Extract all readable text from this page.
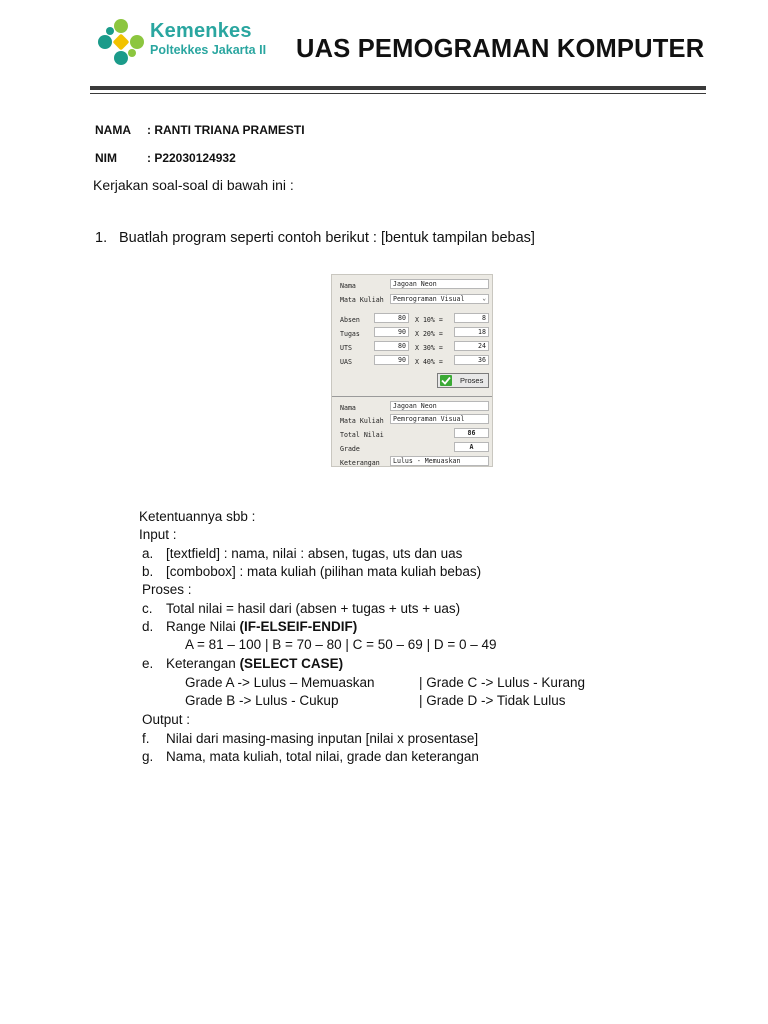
Kemenkes
Poltekkes Jakarta II UAS PEMOGRAMAN KOMPUTER
NAMA : RANTI TRIANA PRAMESTI
NIM	: P22030124932
Kerjakan soal-soal di bawah ini :
1. Buatlah program seperti contoh berikut : [bentuk tampilan bebas]
Nama	Jagoan Neon
Mata Kuliah	Pemrograman Visual	⌄
Absen	80	X 10% =	8
Tugas	90	X 20% =	18
UTS	80	X 30% =	24
UAS	90	X 40% =	36
Proses
Nama	Jagoan Neon
Mata Kuliah	Pemrograman Visual
Total Nilai	86
Grade	A
Keterangan	Lulus - Memuaskan
Ketentuannya sbb :
Input :
a. [textfield] : nama, nilai : absen, tugas, uts dan uas
b. [combobox] : mata kuliah (pilihan mata kuliah bebas)
Proses :
c. Total nilai = hasil dari (absen + tugas + uts + uas)
d. Range Nilai (IF-ELSEIF-ENDIF)
A = 81 – 100 | B = 70 – 80 | C = 50 – 69 | D = 0 – 49
e. Keterangan (SELECT CASE)
Grade A -> Lulus – Memuaskan	| Grade C -> Lulus - Kurang
Grade B -> Lulus - Cukup	| Grade D -> Tidak Lulus
Output :
f. Nilai dari masing-masing inputan [nilai x prosentase]
g. Nama, mata kuliah, total nilai, grade dan keterangan
